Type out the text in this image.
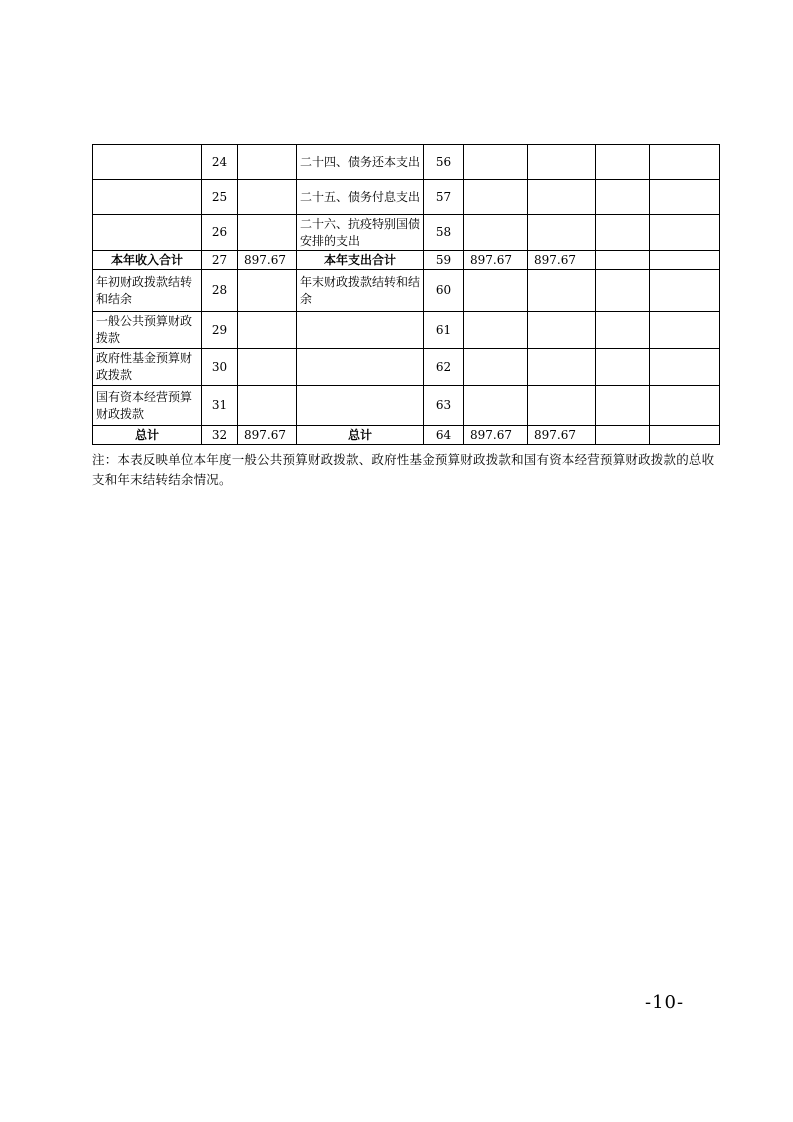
	24		二十四、债务还本支出	56				
	25		二十五、债务付息支出	57				
	26		二十六、抗疫特别国债安排的支出	58				
本年收入合计	27	897.67	本年支出合计	59	897.67	897.67		
年初财政拨款结转和结余	28		年末财政拨款结转和结余	60				
一般公共预算财政拨款	29			61				
政府性基金预算财政拨款	30			62				
国有资本经营预算财政拨款	31			63				
总计	32	897.67	总计	64	897.67	897.67		
注：本表反映单位本年度一般公共预算财政拨款、政府性基金预算财政拨款和国有资本经营预算财政拨款的总收支和年末结转结余情况。
-10-
